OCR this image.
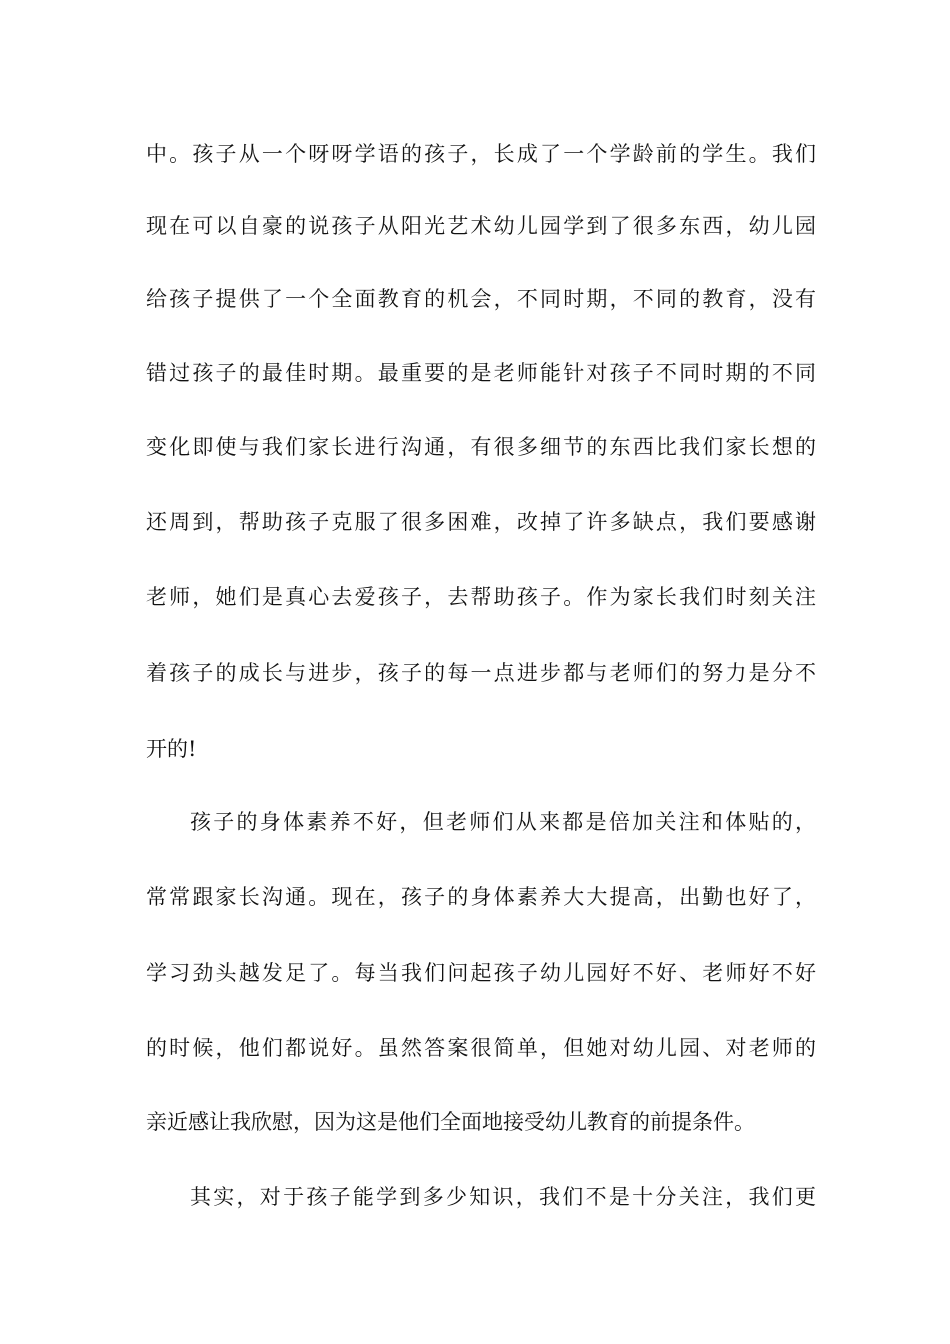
中。孩子从一个呀呀学语的孩子，长成了一个学龄前的学生。我们
现在可以自豪的说孩子从阳光艺术幼儿园学到了很多东西，幼儿园
给孩子提供了一个全面教育的机会，不同时期，不同的教育，没有
错过孩子的最佳时期。最重要的是老师能针对孩子不同时期的不同
变化即使与我们家长进行沟通，有很多细节的东西比我们家长想的
还周到，帮助孩子克服了很多困难，改掉了许多缺点，我们要感谢
老师，她们是真心去爱孩子，去帮助孩子。作为家长我们时刻关注
着孩子的成长与进步，孩子的每一点进步都与老师们的努力是分不
开的!
孩子的身体素养不好，但老师们从来都是倍加关注和体贴的，
常常跟家长沟通。现在，孩子的身体素养大大提高，出勤也好了，
学习劲头越发足了。每当我们问起孩子幼儿园好不好、老师好不好
的时候，他们都说好。虽然答案很简单，但她对幼儿园、对老师的
亲近感让我欣慰，因为这是他们全面地接受幼儿教育的前提条件。
其实，对于孩子能学到多少知识，我们不是十分关注，我们更
